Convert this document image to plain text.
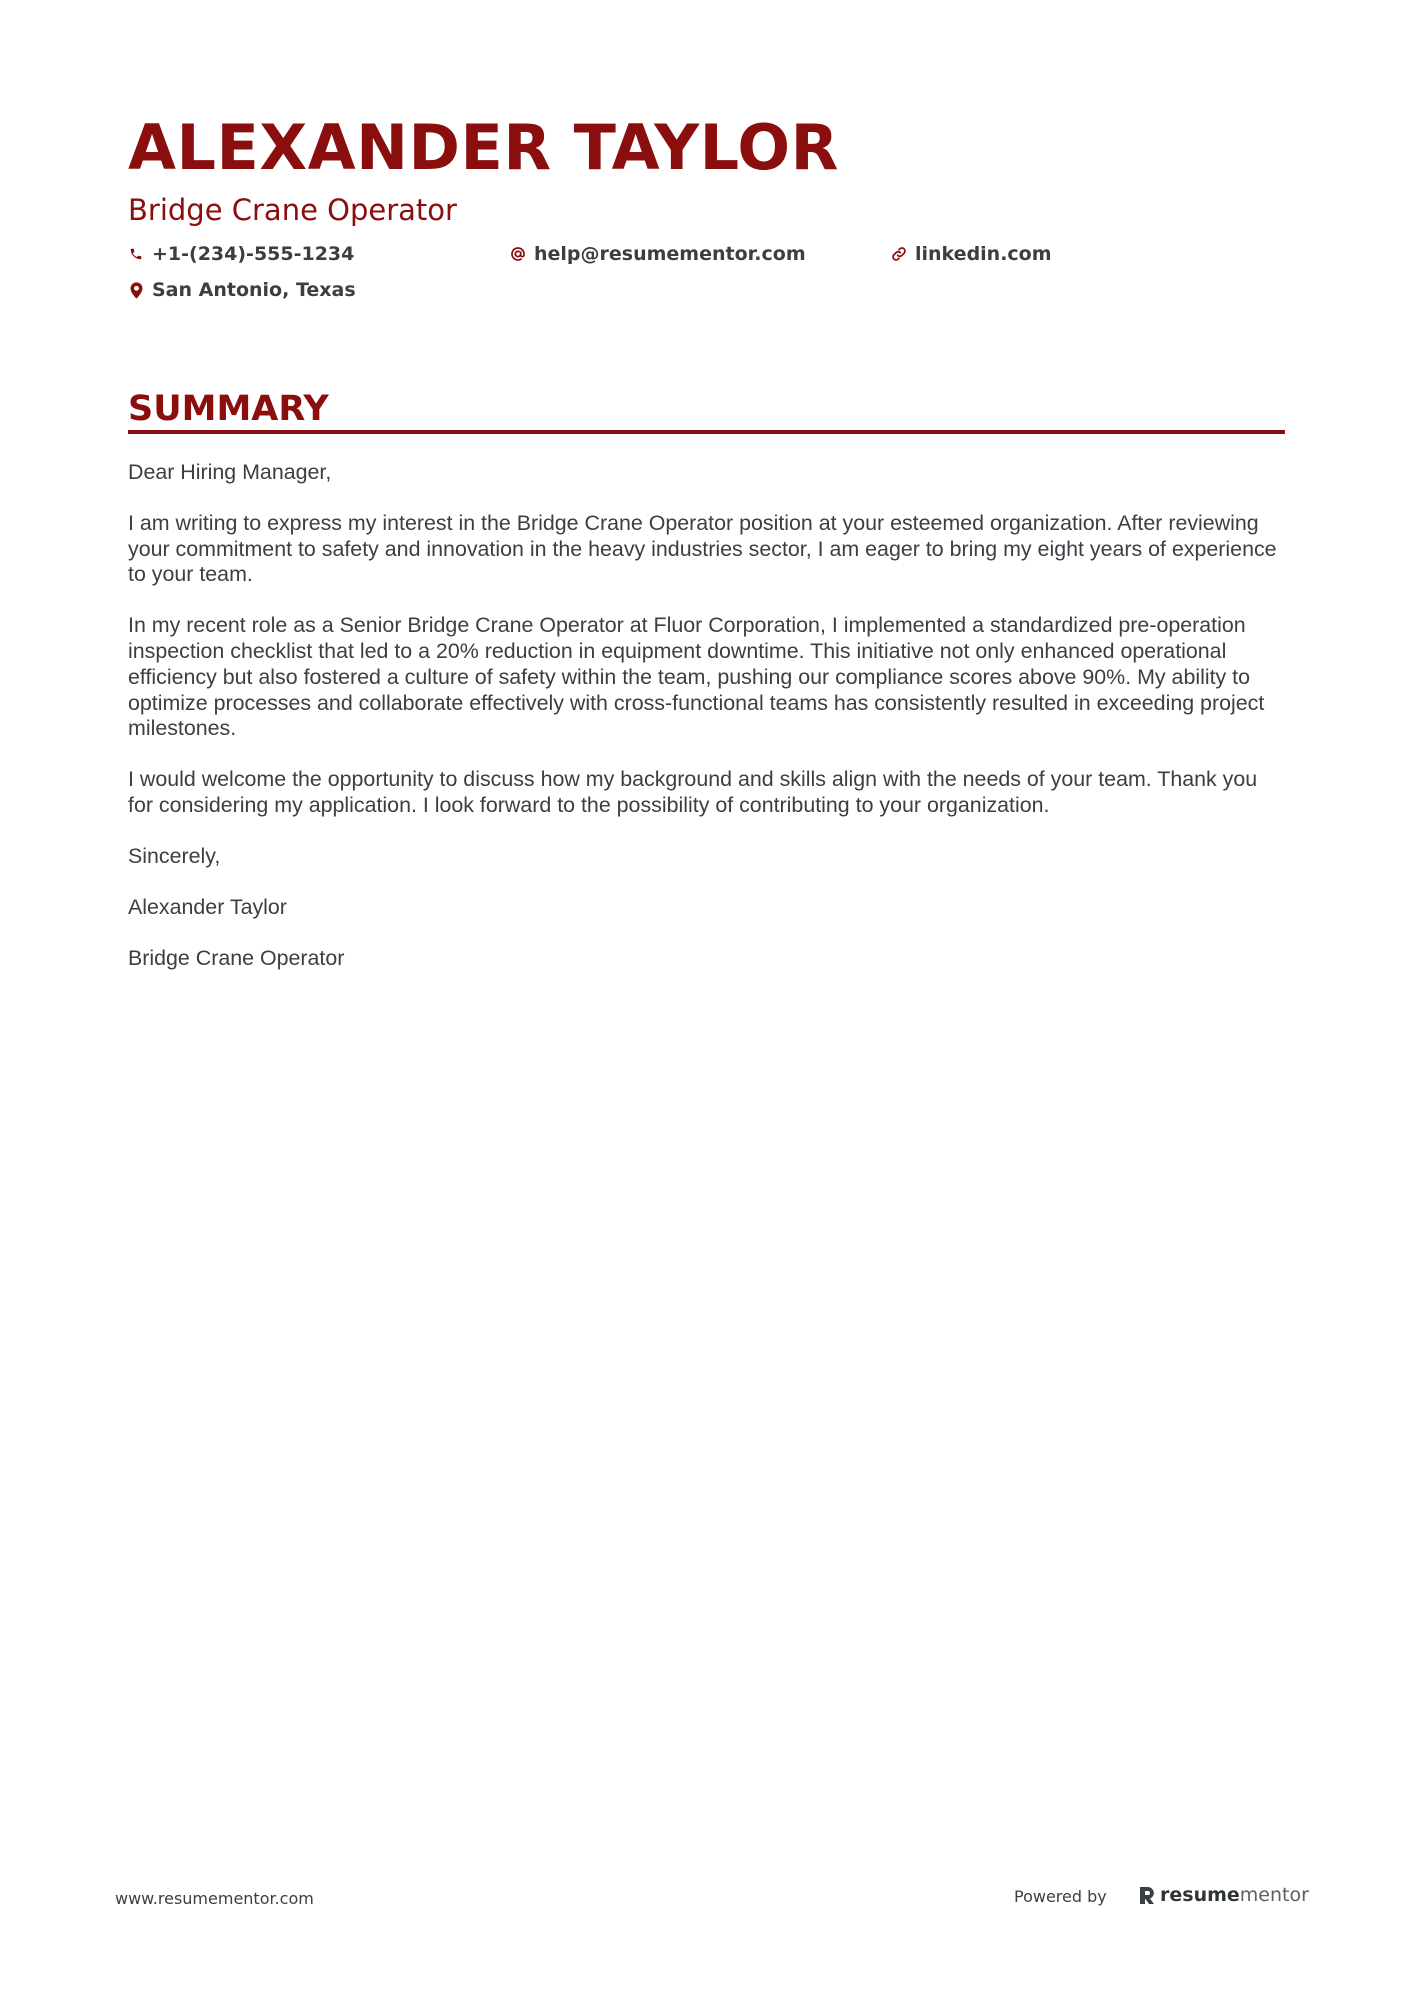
ALEXANDER TAYLOR
Bridge Crane Operator
+1-(234)-555-1234	help@resumementor.com	linkedin.com
San Antonio, Texas
SUMMARY

Dear Hiring Manager,

I am writing to express my interest in the Bridge Crane Operator position at your esteemed organization. After reviewing your commitment to safety and innovation in the heavy industries sector, I am eager to bring my eight years of experience to your team.

In my recent role as a Senior Bridge Crane Operator at Fluor Corporation, I implemented a standardized pre-operation inspection checklist that led to a 20% reduction in equipment downtime. This initiative not only enhanced operational efficiency but also fostered a culture of safety within the team, pushing our compliance scores above 90%. My ability to optimize processes and collaborate effectively with cross-functional teams has consistently resulted in exceeding project milestones.

I would welcome the opportunity to discuss how my background and skills align with the needs of your team. Thank you for considering my application. I look forward to the possibility of contributing to your organization.

Sincerely,

Alexander Taylor

Bridge Crane Operator

www.resumementor.com	Powered by	resume mentor
